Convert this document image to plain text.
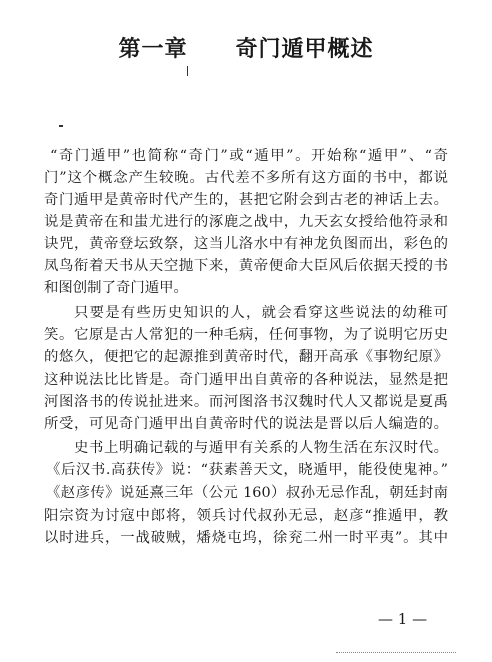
第一章 奇门遁甲概述
“奇门遁甲”也简称“奇门”或“遁甲”。开始称“遁甲”、“奇
门”这个概念产生较晚。古代差不多所有这方面的书中，都说
奇门遁甲是黄帝时代产生的，甚把它附会到古老的神话上去。
说是黄帝在和蚩尤进行的涿鹿之战中，九天玄女授给他符录和
诀咒，黄帝登坛致祭，这当儿洛水中有神龙负图而出，彩色的
凤鸟衔着天书从天空抛下来，黄帝便命大臣风后依据天授的书
和图创制了奇门遁甲。
只要是有些历史知识的人，就会看穿这些说法的幼稚可
笑。它原是古人常犯的一种毛病，任何事物，为了说明它历史
的悠久，便把它的起源推到黄帝时代，翻开高承《事物纪原》
这种说法比比皆是。奇门遁甲出自黄帝的各种说法，显然是把
河图洛书的传说扯进来。而河图洛书汉魏时代人又都说是夏禹
所受，可见奇门遁甲出自黄帝时代的说法是晋以后人编造的。
史书上明确记载的与遁甲有关系的人物生活在东汉时代。
《后汉书.高获传》说：“获素善天文，晓遁甲，能役使鬼神。”
《赵彦传》说延熹三年（公元 160）叔孙无忌作乱，朝廷封南
阳宗资为讨寇中郎将，领兵讨代叔孙无忌，赵彦“推遁甲，教
以时进兵，一战破贼，燔烧屯坞，徐兖二州一时平夷”。其中
— 1 —
